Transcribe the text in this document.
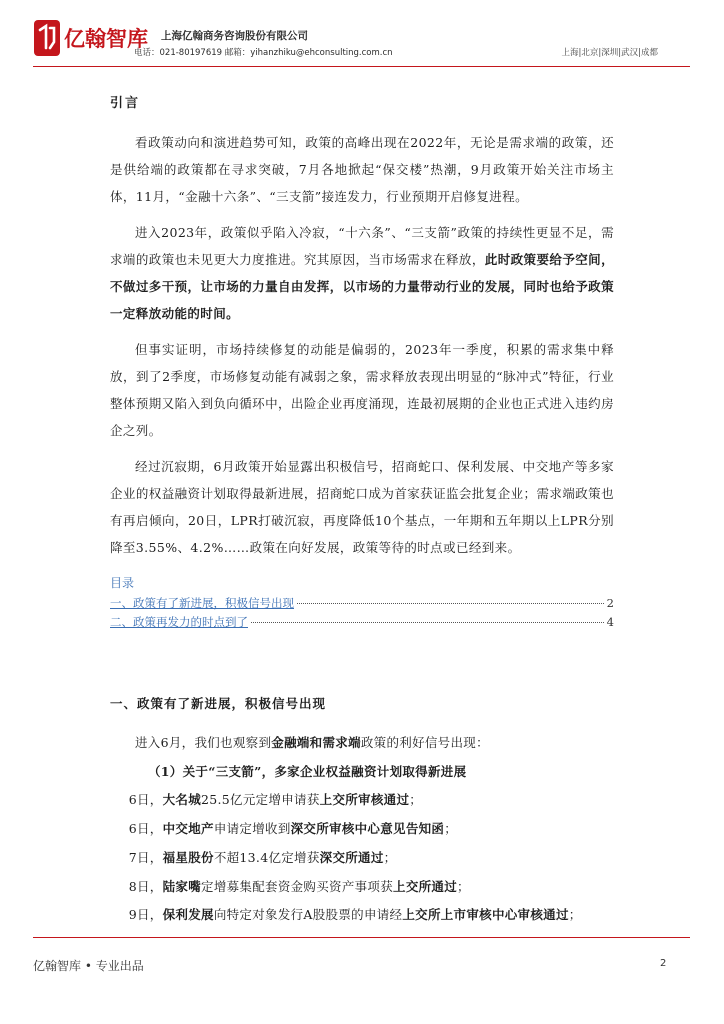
亿翰智库 上海亿翰商务咨询股份有限公司
电话：021-80197619 邮箱：yihanzhiku@ehconsulting.com.cn	上海|北京|深圳|武汉|成都
引言

看政策动向和演进趋势可知，政策的高峰出现在2022年，无论是需求端的政策，还是供给端的政策都在寻求突破，7月各地掀起“保交楼”热潮，9月政策开始关注市场主体，11月，“金融十六条”、“三支箭”接连发力，行业预期开启修复进程。

进入2023年，政策似乎陷入冷寂，“十六条”、“三支箭”政策的持续性更显不足，需求端的政策也未见更大力度推进。究其原因，当市场需求在释放，此时政策要给予空间，不做过多干预，让市场的力量自由发挥，以市场的力量带动行业的发展，同时也给予政策一定释放动能的时间。

但事实证明，市场持续修复的动能是偏弱的，2023年一季度，积累的需求集中释放，到了2季度，市场修复动能有减弱之象，需求释放表现出明显的“脉冲式”特征，行业整体预期又陷入到负向循环中，出险企业再度涌现，连最初展期的企业也正式进入违约房企之列。

经过沉寂期，6月政策开始显露出积极信号，招商蛇口、保利发展、中交地产等多家企业的权益融资计划取得最新进展，招商蛇口成为首家获证监会批复企业；需求端政策也有再启倾向，20日，LPR打破沉寂，再度降低10个基点，一年期和五年期以上LPR分别降至3.55%、4.2%……政策在向好发展，政策等待的时点或已经到来。

目录
一、政策有了新进展，积极信号出现	2
二、政策再发力的时点到了	4
一、政策有了新进展，积极信号出现

进入6月，我们也观察到金融端和需求端政策的利好信号出现：

（1）关于“三支箭”，多家企业权益融资计划取得新进展

6日，大名城25.5亿元定增申请获上交所审核通过；

6日，中交地产申请定增收到深交所审核中心意见告知函；

7日，福星股份不超13.4亿定增获深交所通过；

8日，陆家嘴定增募集配套资金购买资产事项获上交所通过；

9日，保利发展向特定对象发行A股股票的申请经上交所上市审核中心审核通过；

亿翰智库 • 专业出品	2
